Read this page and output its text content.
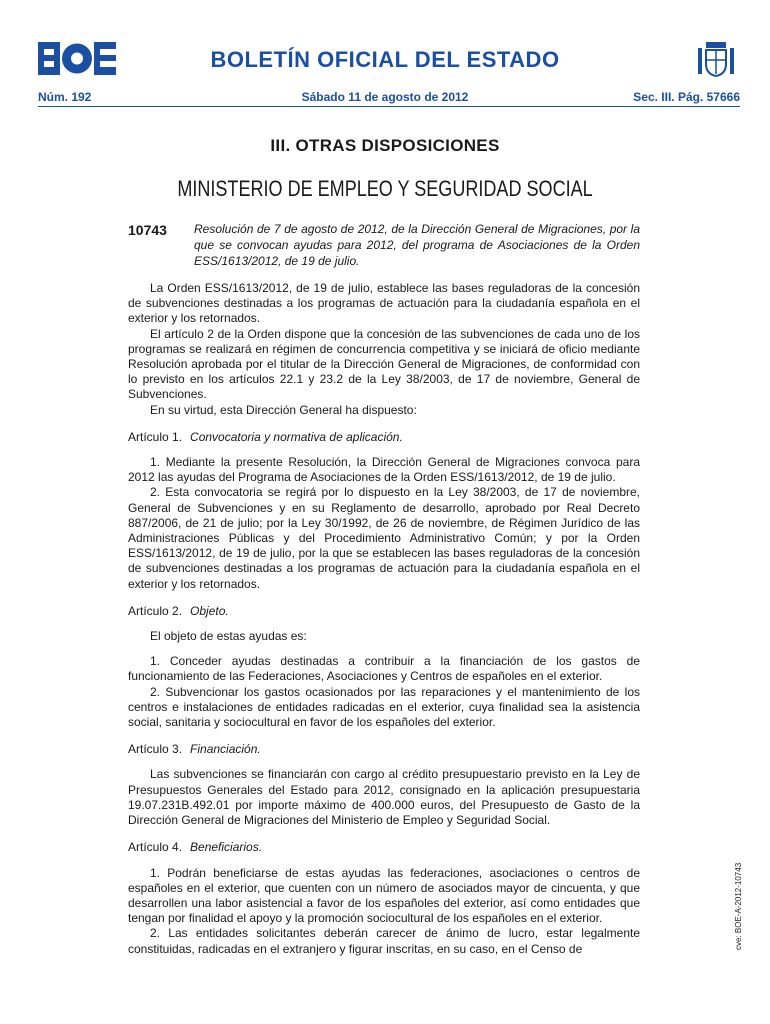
BOLETÍN OFICIAL DEL ESTADO
Núm. 192	Sábado 11 de agosto de 2012	Sec. III. Pág. 57666
III. OTRAS DISPOSICIONES
MINISTERIO DE EMPLEO Y SEGURIDAD SOCIAL
10743 Resolución de 7 de agosto de 2012, de la Dirección General de Migraciones, por la que se convocan ayudas para 2012, del programa de Asociaciones de la Orden ESS/1613/2012, de 19 de julio.

La Orden ESS/1613/2012, de 19 de julio, establece las bases reguladoras de la concesión de subvenciones destinadas a los programas de actuación para la ciudadanía española en el exterior y los retornados.

El artículo 2 de la Orden dispone que la concesión de las subvenciones de cada uno de los programas se realizará en régimen de concurrencia competitiva y se iniciará de oficio mediante Resolución aprobada por el titular de la Dirección General de Migraciones, de conformidad con lo previsto en los artículos 22.1 y 23.2 de la Ley 38/2003, de 17 de noviembre, General de Subvenciones.

En su virtud, esta Dirección General ha dispuesto:

Artículo 1. Convocatoria y normativa de aplicación.

1. Mediante la presente Resolución, la Dirección General de Migraciones convoca para 2012 las ayudas del Programa de Asociaciones de la Orden ESS/1613/2012, de 19 de julio.

2. Esta convocatoria se regirá por lo dispuesto en la Ley 38/2003, de 17 de noviembre, General de Subvenciones y en su Reglamento de desarrollo, aprobado por Real Decreto 887/2006, de 21 de julio; por la Ley 30/1992, de 26 de noviembre, de Régimen Jurídico de las Administraciones Públicas y del Procedimiento Administrativo Común; y por la Orden ESS/1613/2012, de 19 de julio, por la que se establecen las bases reguladoras de la concesión de subvenciones destinadas a los programas de actuación para la ciudadanía española en el exterior y los retornados.

Artículo 2. Objeto.

El objeto de estas ayudas es:

1. Conceder ayudas destinadas a contribuir a la financiación de los gastos de funcionamiento de las Federaciones, Asociaciones y Centros de españoles en el exterior.

2. Subvencionar los gastos ocasionados por las reparaciones y el mantenimiento de los centros e instalaciones de entidades radicadas en el exterior, cuya finalidad sea la asistencia social, sanitaria y sociocultural en favor de los españoles del exterior.

Artículo 3. Financiación.

Las subvenciones se financiarán con cargo al crédito presupuestario previsto en la Ley de Presupuestos Generales del Estado para 2012, consignado en la aplicación presupuestaria 19.07.231B.492.01 por importe máximo de 400.000 euros, del Presupuesto de Gasto de la Dirección General de Migraciones del Ministerio de Empleo y Seguridad Social.

Artículo 4. Beneficiarios.

1. Podrán beneficiarse de estas ayudas las federaciones, asociaciones o centros de españoles en el exterior, que cuenten con un número de asociados mayor de cincuenta, y que desarrollen una labor asistencial a favor de los españoles del exterior, así como entidades que tengan por finalidad el apoyo y la promoción sociocultural de los españoles en el exterior.

2. Las entidades solicitantes deberán carecer de ánimo de lucro, estar legalmente constituidas, radicadas en el extranjero y figurar inscritas, en su caso, en el Censo de	cve: BOE-A-2012-10743
